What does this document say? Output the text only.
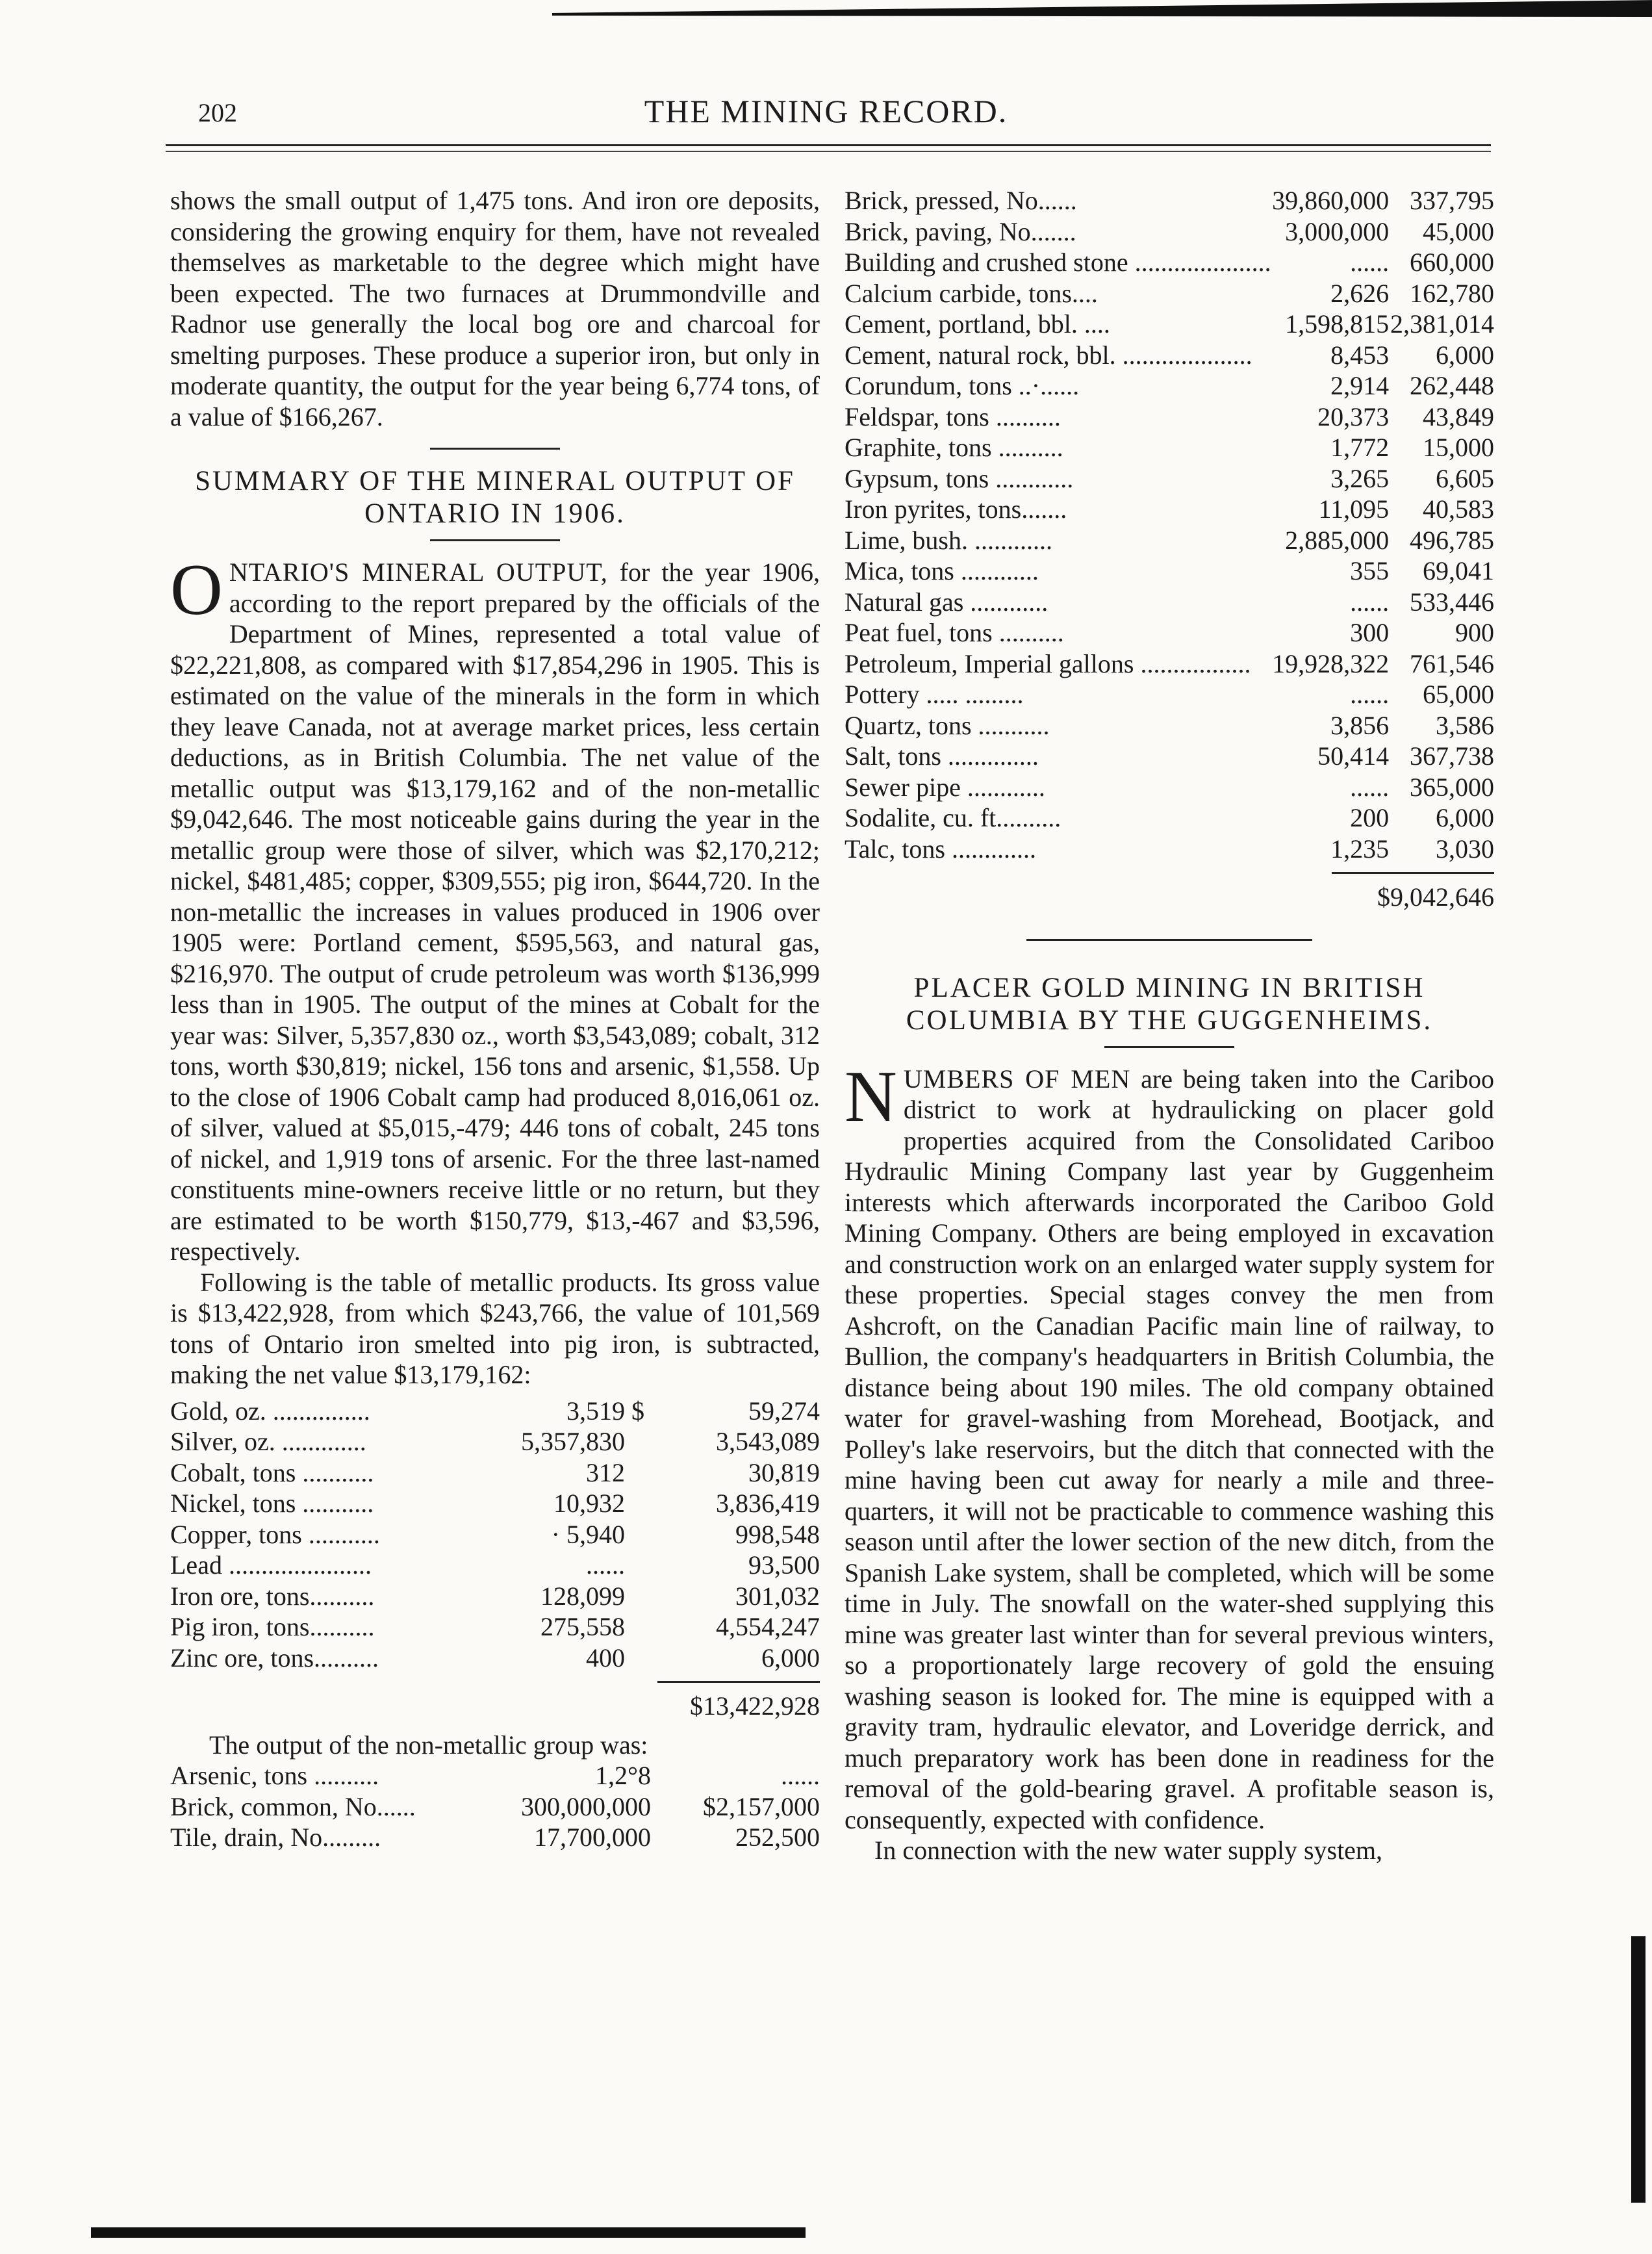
202	THE MINING RECORD.

shows the small output of 1,475 tons. And iron ore deposits, considering the growing enquiry for them, have not revealed themselves as marketable to the degree which might have been expected. The two furnaces at Drummondville and Radnor use generally the local bog ore and charcoal for smelting purposes. These produce a superior iron, but only in moderate quantity, the output for the year being 6,774 tons, of a value of $166,267.

SUMMARY OF THE MINERAL OUTPUT OF ONTARIO IN 1906.

ONTARIO'S MINERAL OUTPUT, for the year 1906, according to the report prepared by the officials of the Department of Mines, represented a total value of $22,221,808, as compared with $17,854,296 in 1905. This is estimated on the value of the minerals in the form in which they leave Canada, not at average market prices, less certain deductions, as in British Columbia. The net value of the metallic output was $13,179,162 and of the non-metallic $9,042,646. The most noticeable gains during the year in the metallic group were those of silver, which was $2,170,212; nickel, $481,485; copper, $309,555; pig iron, $644,720. In the non-metallic the increases in values produced in 1906 over 1905 were: Portland cement, $595,563, and natural gas, $216,970. The output of crude petroleum was worth $136,999 less than in 1905. The output of the mines at Cobalt for the year was: Silver, 5,357,830 oz., worth $3,543,089; cobalt, 312 tons, worth $30,819; nickel, 156 tons and arsenic, $1,558. Up to the close of 1906 Cobalt camp had produced 8,016,061 oz. of silver, valued at $5,015,-479; 446 tons of cobalt, 245 tons of nickel, and 1,919 tons of arsenic. For the three last-named constituents mine-owners receive little or no return, but they are estimated to be worth $150,779, $13,-467 and $3,596, respectively.

Following is the table of metallic products. Its gross value is $13,422,928, from which $243,766, the value of 101,569 tons of Ontario iron smelted into pig iron, is subtracted, making the net value $13,179,162:

Gold, oz. ...............	3,519	$	59,274
Silver, oz. .............	5,357,830		3,543,089
Cobalt, tons ...........	312		30,819
Nickel, tons ...........	10,932		3,836,419
Copper, tons ...........	· 5,940		998,548
Lead ......................	......		93,500
Iron ore, tons..........	128,099		301,032
Pig iron, tons..........	275,558		4,554,247
Zinc ore, tons..........	400		6,000
$13,422,928
The output of the non-metallic group was:
Arsenic, tons ..........	1,2°8	......
Brick, common, No......	300,000,000	$2,157,000
Tile, drain, No.........	17,700,000	252,500
Brick, pressed, No......	39,860,000	337,795
Brick, paving, No.......	3,000,000	45,000
Building and crushed stone .....................	......	660,000
Calcium carbide, tons....	2,626	162,780
Cement, portland, bbl. ....	1,598,815	2,381,014
Cement, natural rock, bbl. ....................	8,453	6,000
Corundum, tons ..·......	2,914	262,448
Feldspar, tons ..........	20,373	43,849
Graphite, tons ..........	1,772	15,000
Gypsum, tons ............	3,265	6,605
Iron pyrites, tons.......	11,095	40,583
Lime, bush. ............	2,885,000	496,785
Mica, tons ............	355	69,041
Natural gas ............	......	533,446
Peat fuel, tons ..........	300	900
Petroleum, Imperial gallons .................	19,928,322	761,546
Pottery ..... .........	......	65,000
Quartz, tons ...........	3,856	3,586
Salt, tons ..............	50,414	367,738
Sewer pipe ............	......	365,000
Sodalite, cu. ft..........	200	6,000
Talc, tons .............	1,235	3,030
$9,042,646
PLACER GOLD MINING IN BRITISH COLUMBIA BY THE GUGGENHEIMS.

NUMBERS OF MEN are being taken into the Cariboo district to work at hydraulicking on placer gold properties acquired from the Consolidated Cariboo Hydraulic Mining Company last year by Guggenheim interests which afterwards incorporated the Cariboo Gold Mining Company. Others are being employed in excavation and construction work on an enlarged water supply system for these properties. Special stages convey the men from Ashcroft, on the Canadian Pacific main line of railway, to Bullion, the company's headquarters in British Columbia, the distance being about 190 miles. The old company obtained water for gravel-washing from Morehead, Bootjack, and Polley's lake reservoirs, but the ditch that connected with the mine having been cut away for nearly a mile and three-quarters, it will not be practicable to commence washing this season until after the lower section of the new ditch, from the Spanish Lake system, shall be completed, which will be some time in July. The snowfall on the water-shed supplying this mine was greater last winter than for several previous winters, so a proportionately large recovery of gold the ensuing washing season is looked for. The mine is equipped with a gravity tram, hydraulic elevator, and Loveridge derrick, and much preparatory work has been done in readiness for the removal of the gold-bearing gravel. A profitable season is, consequently, expected with confidence.

In connection with the new water supply system,
